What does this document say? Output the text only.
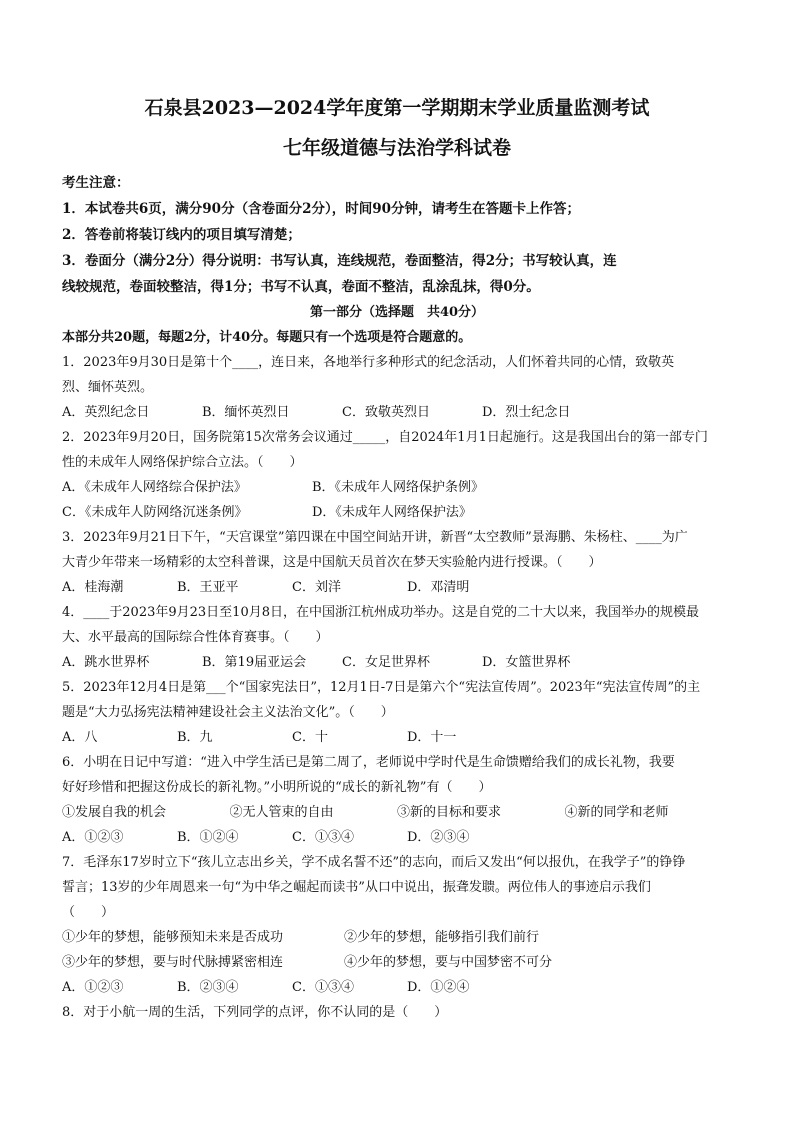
石泉县2023—2024学年度第一学期期末学业质量监测考试
七年级道德与法治学科试卷

考生注意：

1．本试卷共6页，满分90分（含卷面分2分），时间90分钟，请考生在答题卡上作答；

2．答卷前将装订线内的项目填写清楚；

3．卷面分（满分2分）得分说明：书写认真，连线规范，卷面整洁，得2分；书写较认真，连

线较规范，卷面较整洁，得1分；书写不认真，卷面不整洁，乱涂乱抹，得0分。

第一部分（选择题　共40分）

本部分共20题，每题2分，计40分。每题只有一个选项是符合题意的。

1．2023年9月30日是第十个____，连日来，各地举行多种形式的纪念活动，人们怀着共同的心情，致敬英

烈、缅怀英烈。

A．英烈纪念日	B．缅怀英烈日	C．致敬英烈日	D．烈士纪念日

2．2023年9月20日，国务院第15次常务会议通过_____，自2024年1月1日起施行。这是我国出台的第一部专门

性的未成年人网络保护综合立法。（　　）

A．《未成年人网络综合保护法》	B．《未成年人网络保护条例》
C．《未成年人防网络沉迷条例》	D．《未成年人网络保护法》

3．2023年9月21日下午，“天宫课堂”第四课在中国空间站开讲，新晋“太空教师”景海鹏、朱杨柱、____为广

大青少年带来一场精彩的太空科普课，这是中国航天员首次在梦天实验舱内进行授课。（　　）

A．桂海潮	B．王亚平	C．刘洋	D．邓清明

4．____于2023年9月23日至10月8日，在中国浙江杭州成功举办。这是自党的二十大以来，我国举办的规模最

大、水平最高的国际综合性体育赛事。（　　）

A．跳水世界杯	B．第19届亚运会	C．女足世界杯	D．女篮世界杯

5．2023年12月4日是第___个“国家宪法日”，12月1日-7日是第六个“宪法宣传周”。2023年“宪法宣传周”的主

题是“大力弘扬宪法精神建设社会主义法治文化”。（　　）

A．八	B．九	C．十	D．十一

6．小明在日记中写道：“进入中学生活已是第二周了，老师说中学时代是生命馈赠给我们的成长礼物，我要

好好珍惜和把握这份成长的新礼物。”小明所说的“成长的新礼物”有（　　）

①发展自我的机会	②无人管束的自由	③新的目标和要求	④新的同学和老师
A．①②③	B．①②④	C．①③④	D．②③④

7．毛泽东17岁时立下“孩儿立志出乡关，学不成名誓不还”的志向，而后又发出“何以报仇，在我学子”的铮铮

誓言；13岁的少年周恩来一句“为中华之崛起而读书”从口中说出，振聋发聩。两位伟人的事迹启示我们

（　　）

①少年的梦想，能够预知未来是否成功	②少年的梦想，能够指引我们前行
③少年的梦想，要与时代脉搏紧密相连	④少年的梦想，要与中国梦密不可分
A．①②③	B．②③④	C．①③④	D．①②④

8．对于小航一周的生活，下列同学的点评，你不认同的是（　　）
